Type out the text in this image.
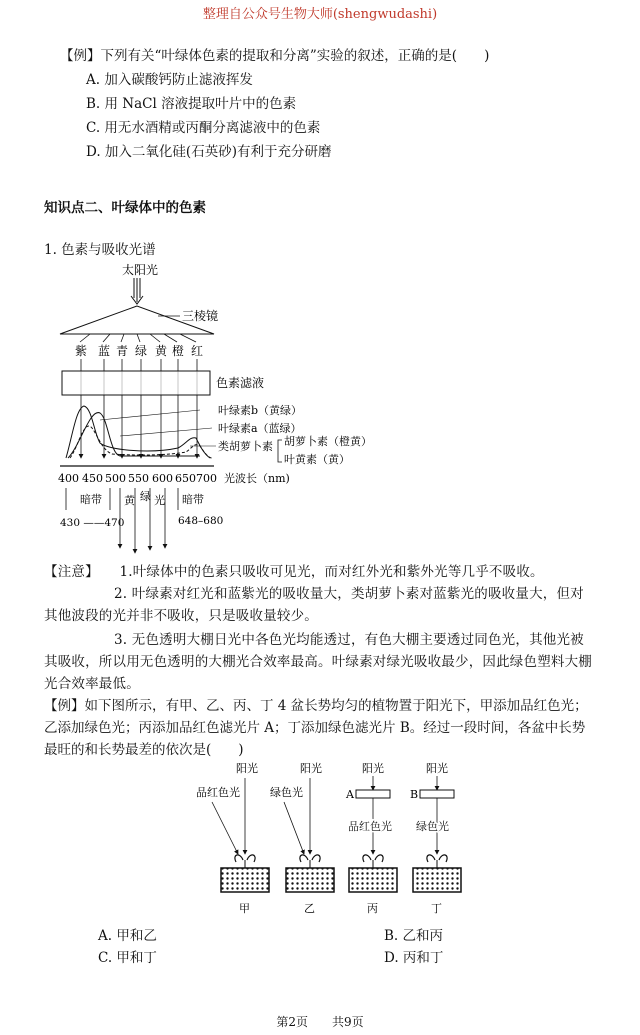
整理自公众号生物大师(shengwudashi)
【例】下列有关“叶绿体色素的提取和分离”实验的叙述，正确的是(　　)
A. 加入碳酸钙防止滤液挥发
B. 用 NaCl 溶液提取叶片中的色素
C. 用无水酒精或丙酮分离滤液中的色素
D. 加入二氧化硅(石英砂)有利于充分研磨
知识点二、叶绿体中的色素
1. 色素与吸收光谱
太阳光
三棱镜
紫 蓝 青 绿 黄 橙 红
色素滤液
叶绿素b（黄绿）
叶绿素a（蓝绿）
类胡萝卜素 胡萝卜素（橙黄）
叶黄素（黄）
400 450 500 550 600 650 700 光波长（nm)
暗带 黄 绿 光 暗带
430 ——470	648–680
【注意】　　1.叶绿体中的色素只吸收可见光，而对红外光和紫外光等几乎不吸收。
2. 叶绿素对红光和蓝紫光的吸收量大，类胡萝卜素对蓝紫光的吸收量大，但对
其他波段的光并非不吸收，只是吸收量较少。
3. 无色透明大棚日光中各色光均能透过，有色大棚主要透过同色光，其他光被
其吸收，所以用无色透明的大棚光合效率最高。叶绿素对绿光吸收最少，因此绿色塑料大棚
光合效率最低。
【例】如下图所示，有甲、乙、丙、丁 4 盆长势均匀的植物置于阳光下，甲添加品红色光；
乙添加绿色光；丙添加品红色滤光片 A；丁添加绿色滤光片 B。经过一段时间，各盆中长势
最旺的和长势最差的依次是(　　)
阳光
品红色光
阳光
绿色光
阳光
A
品红色光
阳光
B
绿色光
甲	乙	丙	丁
A. 甲和乙	B. 乙和丙
C. 甲和丁	D. 丙和丁
第2页　　共9页
